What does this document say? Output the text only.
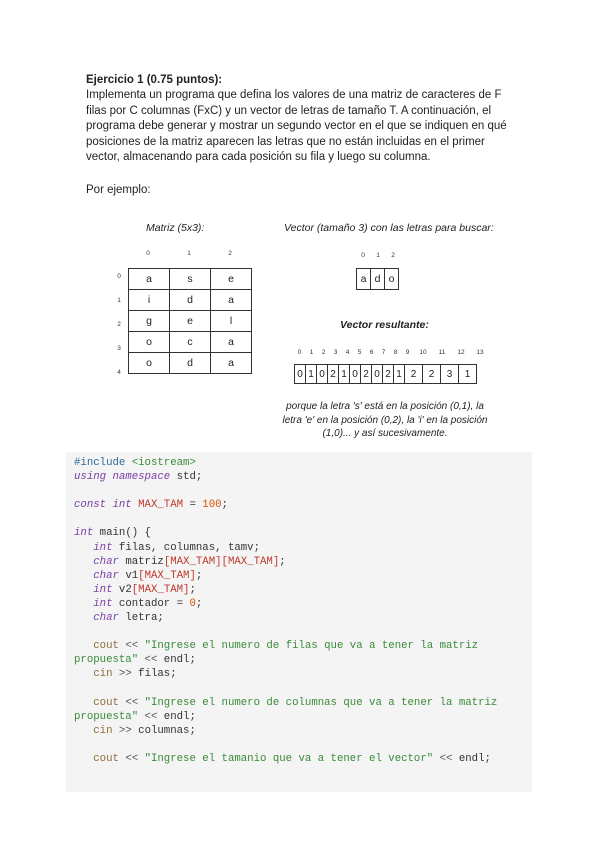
Ejercicio 1 (0.75 puntos):
Implementa un programa que defina los valores de una matriz de caracteres de F filas por C columnas (FxC) y un vector de letras de tamaño T. A continuación, el programa debe generar y mostrar un segundo vector en el que se indiquen en qué posiciones de la matriz aparecen las letras que no están incluidas en el primer vector, almacenando para cada posición su fila y luego su columna.
Por ejemplo:
Matriz (5x3):
0	1	2
0
1
2
3
4
a	s	e
i	d	a
g	e	l
o	c	a
o	d	a
Vector (tamaño 3) con las letras para buscar:
0	1	2
a	d	o
Vector resultante:
0	1	2	3	4	5	6	7	8	9	10	11	12	13
0	1	0	2	1	0	2	0	2	1	2	2	3	1
porque la letra 's' está en la posición (0,1), la
letra 'e' en la posición (0,2), la 'i' en la posición
(1,0)... y así sucesivamente.
#include <iostream>
using namespace std;

const int MAX_TAM = 100;

int main() {
int filas, columnas, tamv;
char matriz[MAX_TAM][MAX_TAM];
char v1[MAX_TAM];
int v2[MAX_TAM];
int contador = 0;
char letra;

cout << "Ingrese el numero de filas que va a tener la matriz
propuesta" << endl;
cin >> filas;

cout << "Ingrese el numero de columnas que va a tener la matriz
propuesta" << endl;
cin >> columnas;

cout << "Ingrese el tamanio que va a tener el vector" << endl;
